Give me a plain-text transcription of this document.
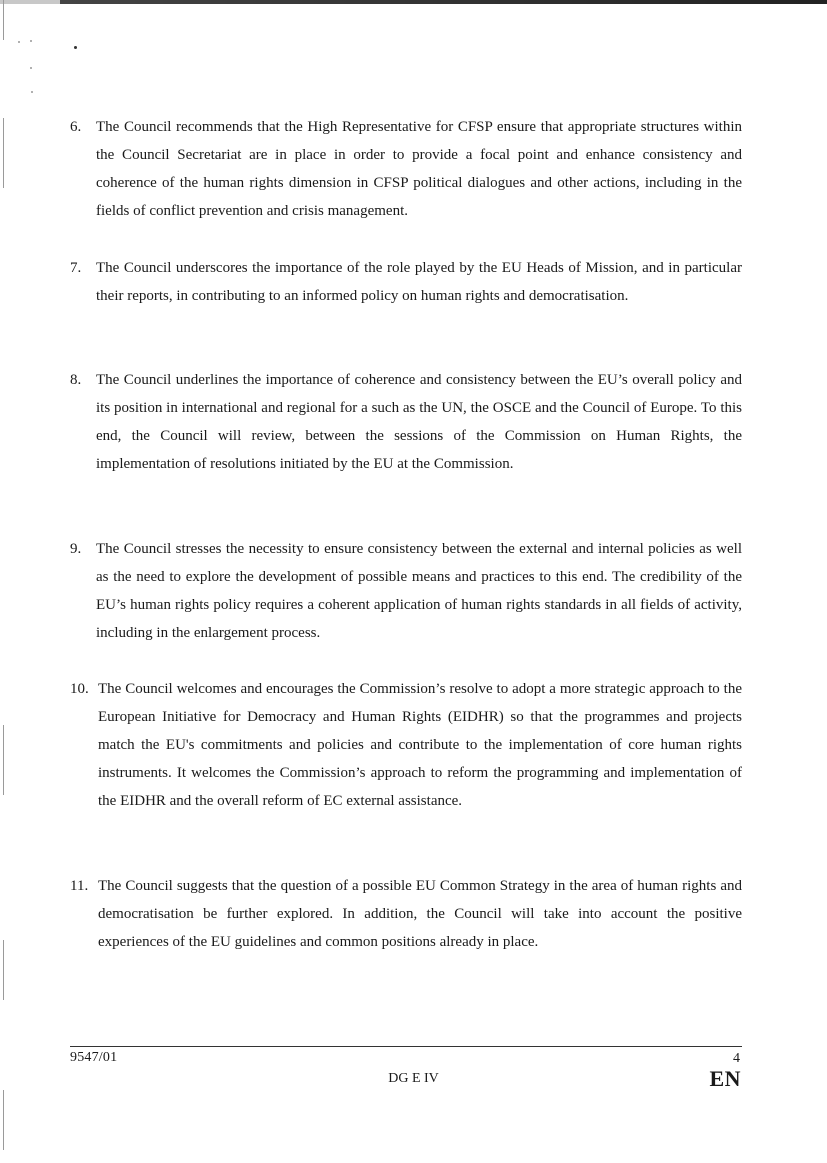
6. The Council recommends that the High Representative for CFSP ensure that appropriate structures within the Council Secretariat are in place in order to provide a focal point and enhance consistency and coherence of the human rights dimension in CFSP political dialogues and other actions, including in the fields of conflict prevention and crisis management.
7. The Council underscores the importance of the role played by the EU Heads of Mission, and in particular their reports, in contributing to an informed policy on human rights and democratisation.
8. The Council underlines the importance of coherence and consistency between the EU’s overall policy and its position in international and regional for a such as the UN, the OSCE and the Council of Europe. To this end, the Council will review, between the sessions of the Commission on Human Rights, the implementation of resolutions initiated by the EU at the Commission.
9. The Council stresses the necessity to ensure consistency between the external and internal policies as well as the need to explore the development of possible means and practices to this end. The credibility of the EU’s human rights policy requires a coherent application of human rights standards in all fields of activity, including in the enlargement process.
10. The Council welcomes and encourages the Commission’s resolve to adopt a more strategic approach to the European Initiative for Democracy and Human Rights (EIDHR) so that the programmes and projects match the EU's commitments and policies and contribute to the implementation of core human rights instruments. It welcomes the Commission’s approach to reform the programming and implementation of the EIDHR and the overall reform of EC external assistance.
11. The Council suggests that the question of a possible EU Common Strategy in the area of human rights and democratisation be further explored. In addition, the Council will take into account the positive experiences of the EU guidelines and common positions already in place.
9547/01
DG E IV
4
EN
